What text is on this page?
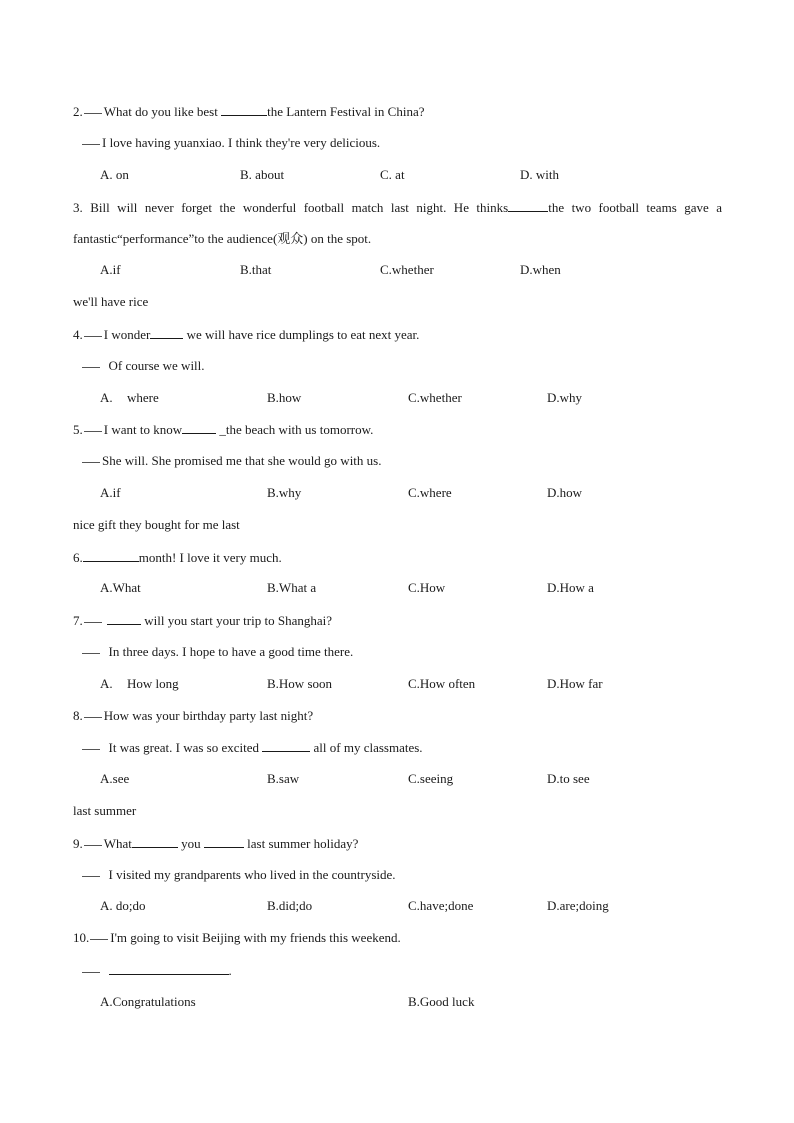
2. What do you like best	the Lantern Festival in China?
I love having yuanxiao. I think they're very delicious.
A. on	B. about	C. at	D. with
3. Bill will never forget the wonderful football match last night. He thinks	the two football teams gave a
fantastic“performance”to the audience(观众) on the spot.
A.if	B.that	C.whether	D.when
we'll have rice
4. I wonder	we will have rice dumplings to eat next year.
Of course we will.
A. where	B.how	C.whether	D.why
5. I want to know	_the beach with us tomorrow.
She will. She promised me that she would go with us.
A.if	B.why	C.where	D.how
nice gift they bought for me last
6.	month! I love it very much.
A.What	B.What a	C.How	D.How a
7.	will you start your trip to Shanghai?
In three days. I hope to have a good time there.
A. How long	B.How soon	C.How often	D.How far
8. How was your birthday party last night?
It was great. I was so excited	all of my classmates.
A.see	B.saw	C.seeing	D.to see
last summer
9. What	you	last summer holiday?
I visited my grandparents who lived in the countryside.
A. do;do	B.did;do	C.have;done	D.are;doing
10. I'm going to visit Beijing with my friends this weekend.
.
A.Congratulations	B.Good luck
